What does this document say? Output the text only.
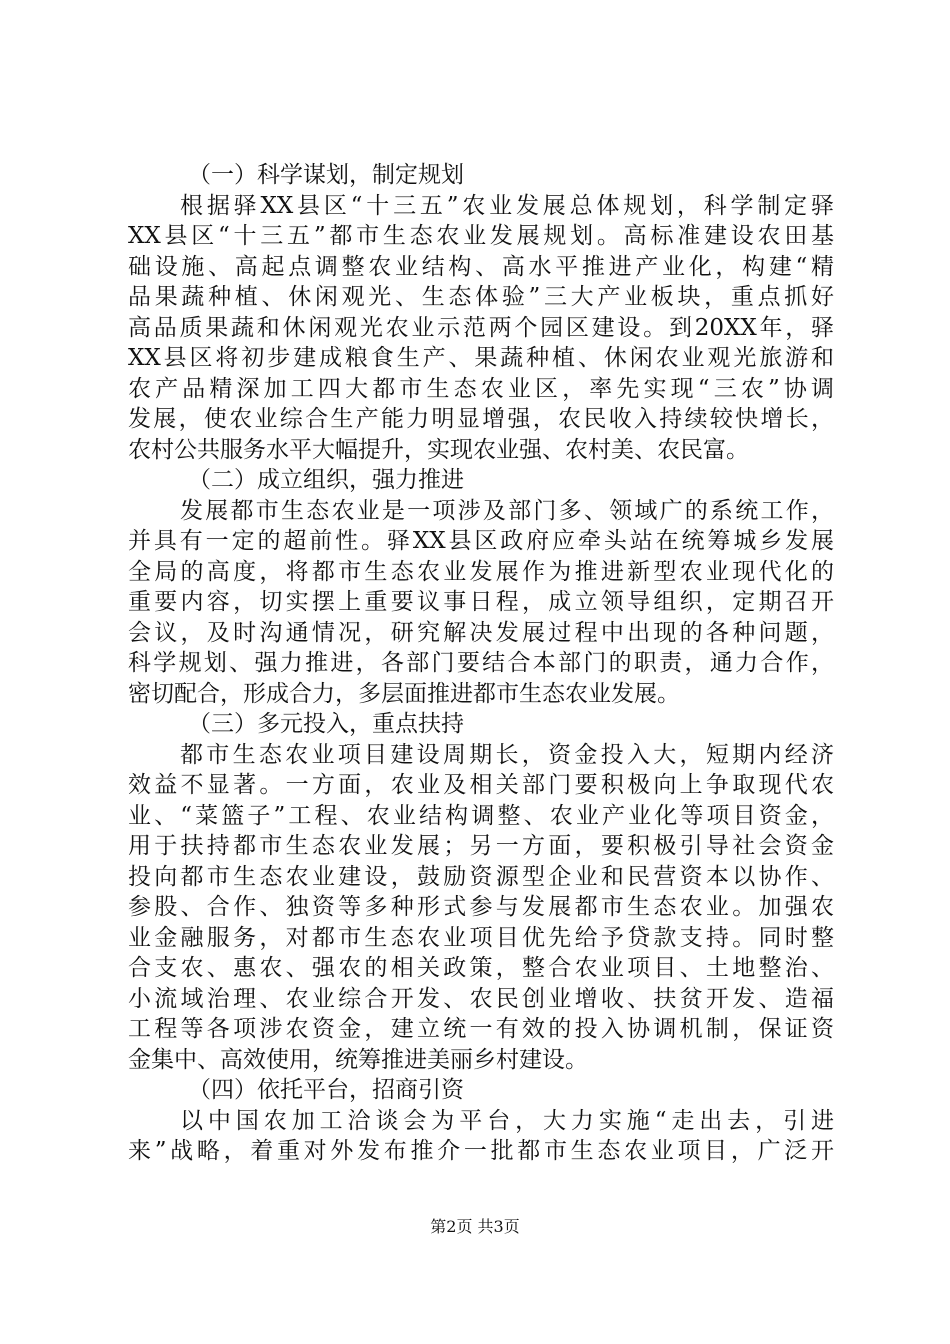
（一）科学谋划，制定规划
根据驿XX县区“十三五”农业发展总体规划，科学制定驿
XX县区“十三五”都市生态农业发展规划。高标准建设农田基
础设施、高起点调整农业结构、高水平推进产业化，构建“精
品果蔬种植、休闲观光、生态体验”三大产业板块，重点抓好
高品质果蔬和休闲观光农业示范两个园区建设。到20XX年，驿
XX县区将初步建成粮食生产、果蔬种植、休闲农业观光旅游和
农产品精深加工四大都市生态农业区，率先实现“三农”协调
发展，使农业综合生产能力明显增强，农民收入持续较快增长，
农村公共服务水平大幅提升，实现农业强、农村美、农民富。
（二）成立组织，强力推进
发展都市生态农业是一项涉及部门多、领域广的系统工作，
并具有一定的超前性。驿XX县区政府应牵头站在统筹城乡发展
全局的高度，将都市生态农业发展作为推进新型农业现代化的
重要内容，切实摆上重要议事日程，成立领导组织，定期召开
会议，及时沟通情况，研究解决发展过程中出现的各种问题，
科学规划、强力推进，各部门要结合本部门的职责，通力合作，
密切配合，形成合力，多层面推进都市生态农业发展。
（三）多元投入，重点扶持
都市生态农业项目建设周期长，资金投入大，短期内经济
效益不显著。一方面，农业及相关部门要积极向上争取现代农
业、“菜篮子”工程、农业结构调整、农业产业化等项目资金，
用于扶持都市生态农业发展；另一方面，要积极引导社会资金
投向都市生态农业建设，鼓励资源型企业和民营资本以协作、
参股、合作、独资等多种形式参与发展都市生态农业。加强农
业金融服务，对都市生态农业项目优先给予贷款支持。同时整
合支农、惠农、强农的相关政策，整合农业项目、土地整治、
小流域治理、农业综合开发、农民创业增收、扶贫开发、造福
工程等各项涉农资金，建立统一有效的投入协调机制，保证资
金集中、高效使用，统筹推进美丽乡村建设。
（四）依托平台，招商引资
以中国农加工洽谈会为平台，大力实施“走出去，引进
来”战略，着重对外发布推介一批都市生态农业项目，广泛开
第2页 共3页
